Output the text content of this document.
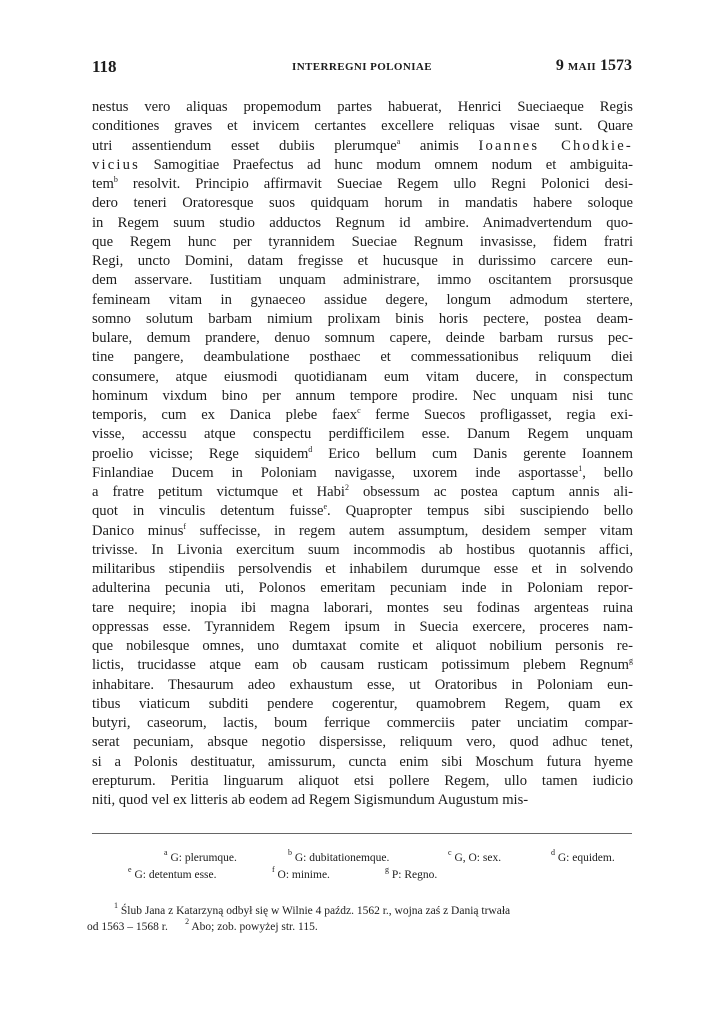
118	INTERREGNI POLONIAE	9 MAII 1573
nestus vero aliquas propemodum partes habuerat, Henrici Sueciaeque Regis
conditiones graves et invicem certantes excellere reliquas visae sunt. Quare
utri assentiendum esset dubiis plerumque$^a$ animis Ioannes Chodkie-
vicius Samogitiae Praefectus ad hunc modum omnem nodum et ambiguita-
tem$^b$ resolvit. Principio affirmavit Sueciae Regem ullo Regni Polonici desi-
dero teneri Oratoresque suos quidquam horum in mandatis habere soloque
in Regem suum studio adductos Regnum id ambire. Animadvertendum quo-
que Regem hunc per tyrannidem Sueciae Regnum invasisse, fidem fratri
Regi, uncto Domini, datam fregisse et hucusque in durissimo carcere eun-
dem asservare. Iustitiam unquam administrare, immo oscitantem prorsusque
femineam vitam in gynaeceo assidue degere, longum admodum stertere,
somno solutum barbam nimium prolixam binis horis pectere, postea deam-
bulare, demum prandere, denuo somnum capere, deinde barbam rursus pec-
tine pangere, deambulatione posthaec et commessationibus reliquum diei
consumere, atque eiusmodi quotidianam eum vitam ducere, in conspectum
hominum vixdum bino per annum tempore prodire. Nec unquam nisi tunc
temporis, cum ex Danica plebe faex$^c$ ferme Suecos profligasset, regia exi-
visse, accessu atque conspectu perdifficilem esse. Danum Regem unquam
proelio vicisse; Rege siquidem$^d$ Erico bellum cum Danis gerente Ioannem
Finlandiae Ducem in Poloniam navigasse, uxorem inde asportasse$^1$, bello
a fratre petitum victumque et Habi$^2$ obsessum ac postea captum annis ali-
quot in vinculis detentum fuisse$^e$. Quapropter tempus sibi suscipiendo bello
Danico minus$^f$ suffecisse, in regem autem assumptum, desidem semper vitam
trivisse. In Livonia exercitum suum incommodis ab hostibus quotannis affici,
militaribus stipendiis persolvendis et inhabilem durumque esse et in solvendo
adulterina pecunia uti, Polonos emeritam pecuniam inde in Poloniam repor-
tare nequire; inopia ibi magna laborari, montes seu fodinas argenteas ruina
oppressas esse. Tyrannidem Regem ipsum in Suecia exercere, proceres nam-
que nobilesque omnes, uno dumtaxat comite et aliquot nobilium personis re-
lictis, trucidasse atque eam ob causam rusticam potissimum plebem Regnum$^g$
inhabitare. Thesaurum adeo exhaustum esse, ut Oratoribus in Poloniam eun-
tibus viaticum subditi pendere cogerentur, quamobrem Regem, quam ex
butyri, caseorum, lactis, boum ferrique commerciis pater unciatim compar-
serat pecuniam, absque negotio dispersisse, reliquum vero, quod adhuc tenet,
si a Polonis destituatur, amissurum, cuncta enim sibi Moschum futura hyeme
erepturum. Peritia linguarum aliquot etsi pollere Regem, ullo tamen iudicio
niti, quod vel ex litteris ab eodem ad Regem Sigismundum Augustum mis-
$^a$ G: plerumque.	$^b$ G: dubitationemque.	$^c$ G, O: sex.	$^d$ G: equidem.
$^e$ G: detentum esse.	$^f$ O: minime.	$^g$ P: Regno.
$^1$ Ślub Jana z Katarzyną odbył się w Wilnie 4 paźdz. 1562 r., wojna zaś z Danią trwała
od 1563 – 1568 r. $^2$ Abo; zob. powyżej str. 115.
